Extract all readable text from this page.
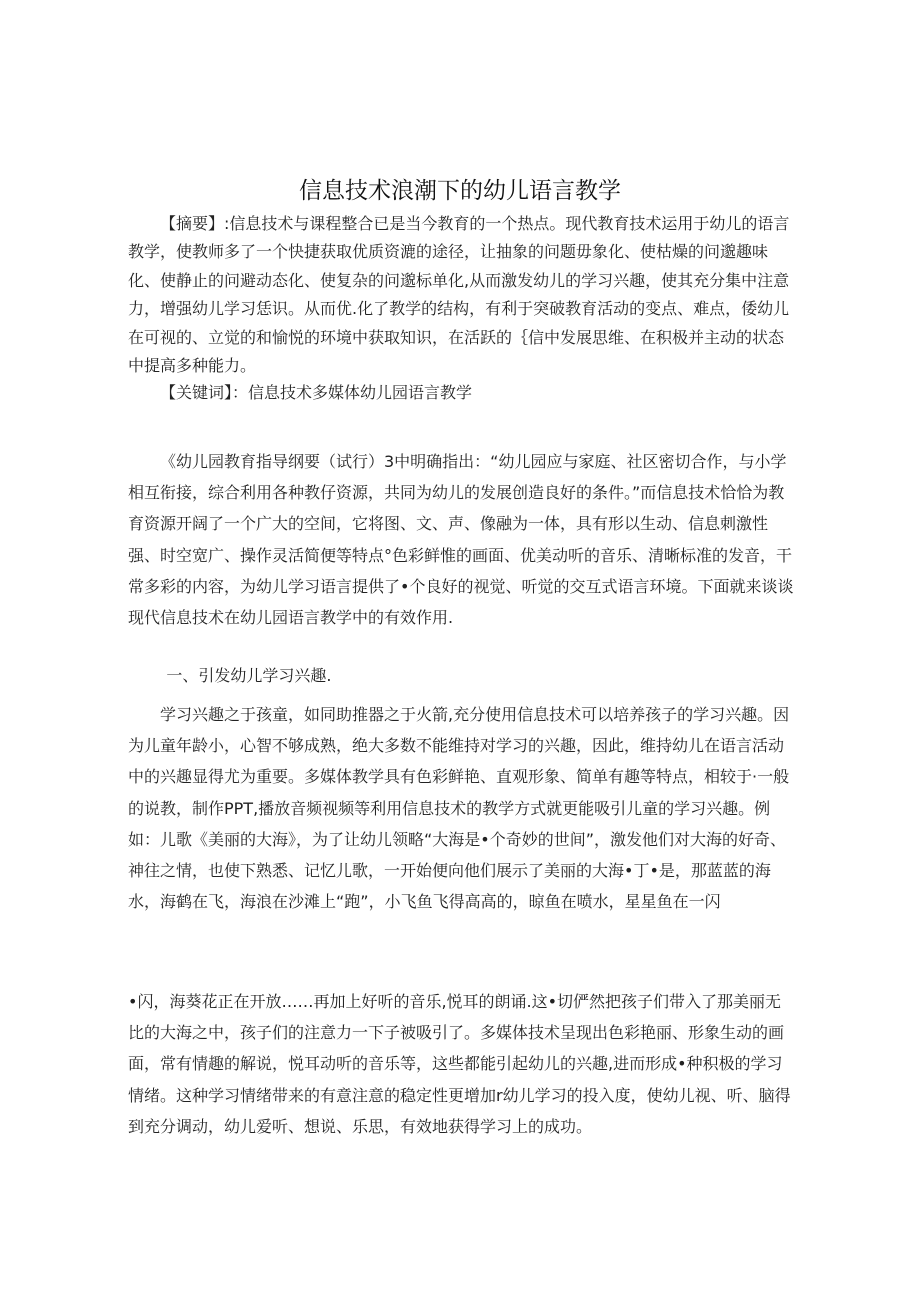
信息技术浪潮下的幼儿语言教学

【摘要】:信息技术与课程整合已是当今教育的一个热点。现代教育技术运用于幼儿的语言教学，使教师多了一个快捷获取优质资漉的途径，让抽象的问题毋象化、使枯燥的问邈趣味化、使静止的问避动态化、使复杂的问邈标单化,从而激发幼儿的学习兴趣，使其充分集中注意力，增强幼儿学习恁识。从而优.化了教学的结构，有利于突破教育活动的变点、难点，倭幼儿在可视的、立觉的和愉悦的环境中获取知识，在活跃的｛信中发展思维、在积极并主动的状态中提高多种能力。

【关键词】：信息技术多媒体幼儿园语言教学

《幼儿园教育指导纲要（试行）3中明确指出：“幼儿园应与家庭、社区密切合作，与小学相互衔接，综合利用各种教仔资源，共同为幼儿的发展创造良好的条件。”而信息技术恰恰为教育资源开阔了一个广大的空间，它将图、文、声、像融为一体，具有形以生动、信息刺激性强、时空宽广、操作灵活简便等特点°色彩鲜惟的画面、优美动听的音乐、清晰标准的发音，干常多彩的内容，为幼儿学习语言提供了•个良好的视觉、听觉的交互式语言环境。下面就来谈谈现代信息技术在幼儿园语言教学中的有效作用.

一、引发幼儿学习兴趣.

学习兴趣之于孩童，如同助推器之于火箭,充分使用信息技术可以培养孩子的学习兴趣。因为儿童年龄小，心智不够成熟，绝大多数不能维持对学习的兴趣，因此，维持幼儿在语言活动中的兴趣显得尤为重要。多媒体教学具有色彩鲜艳、直观形象、简单有趣等特点，相较于·一般的说教，制作PPT,播放音频视频等利用信息技术的教学方式就更能吸引儿童的学习兴趣。例如：儿歌《美丽的大海》，为了让幼儿领略“大海是•个奇妙的世间”，激发他们对大海的好奇、神往之情，也使下熟悉、记忆儿歌，一开始便向他们展示了美丽的大海•丁•是，那蓝蓝的海水，海鹤在飞，海浪在沙滩上“跑”，小飞鱼飞得高高的，晾鱼在喷水，星星鱼在一闪

•闪，海葵花正在开放……再加上好听的音乐,悦耳的朗诵.这•切俨然把孩子们带入了那美丽无比的大海之中，孩子们的注意力一下子被吸引了。多媒体技术呈现出色彩艳丽、形象生动的画面，常有情趣的解说，悦耳动听的音乐等，这些都能引起幼儿的兴趣,进而形成•种积极的学习情绪。这种学习情绪带来的有意注意的稳定性更增加r幼儿学习的投入度，使幼儿视、听、脑得到充分调动，幼儿爱听、想说、乐思，有效地获得学习上的成功。
